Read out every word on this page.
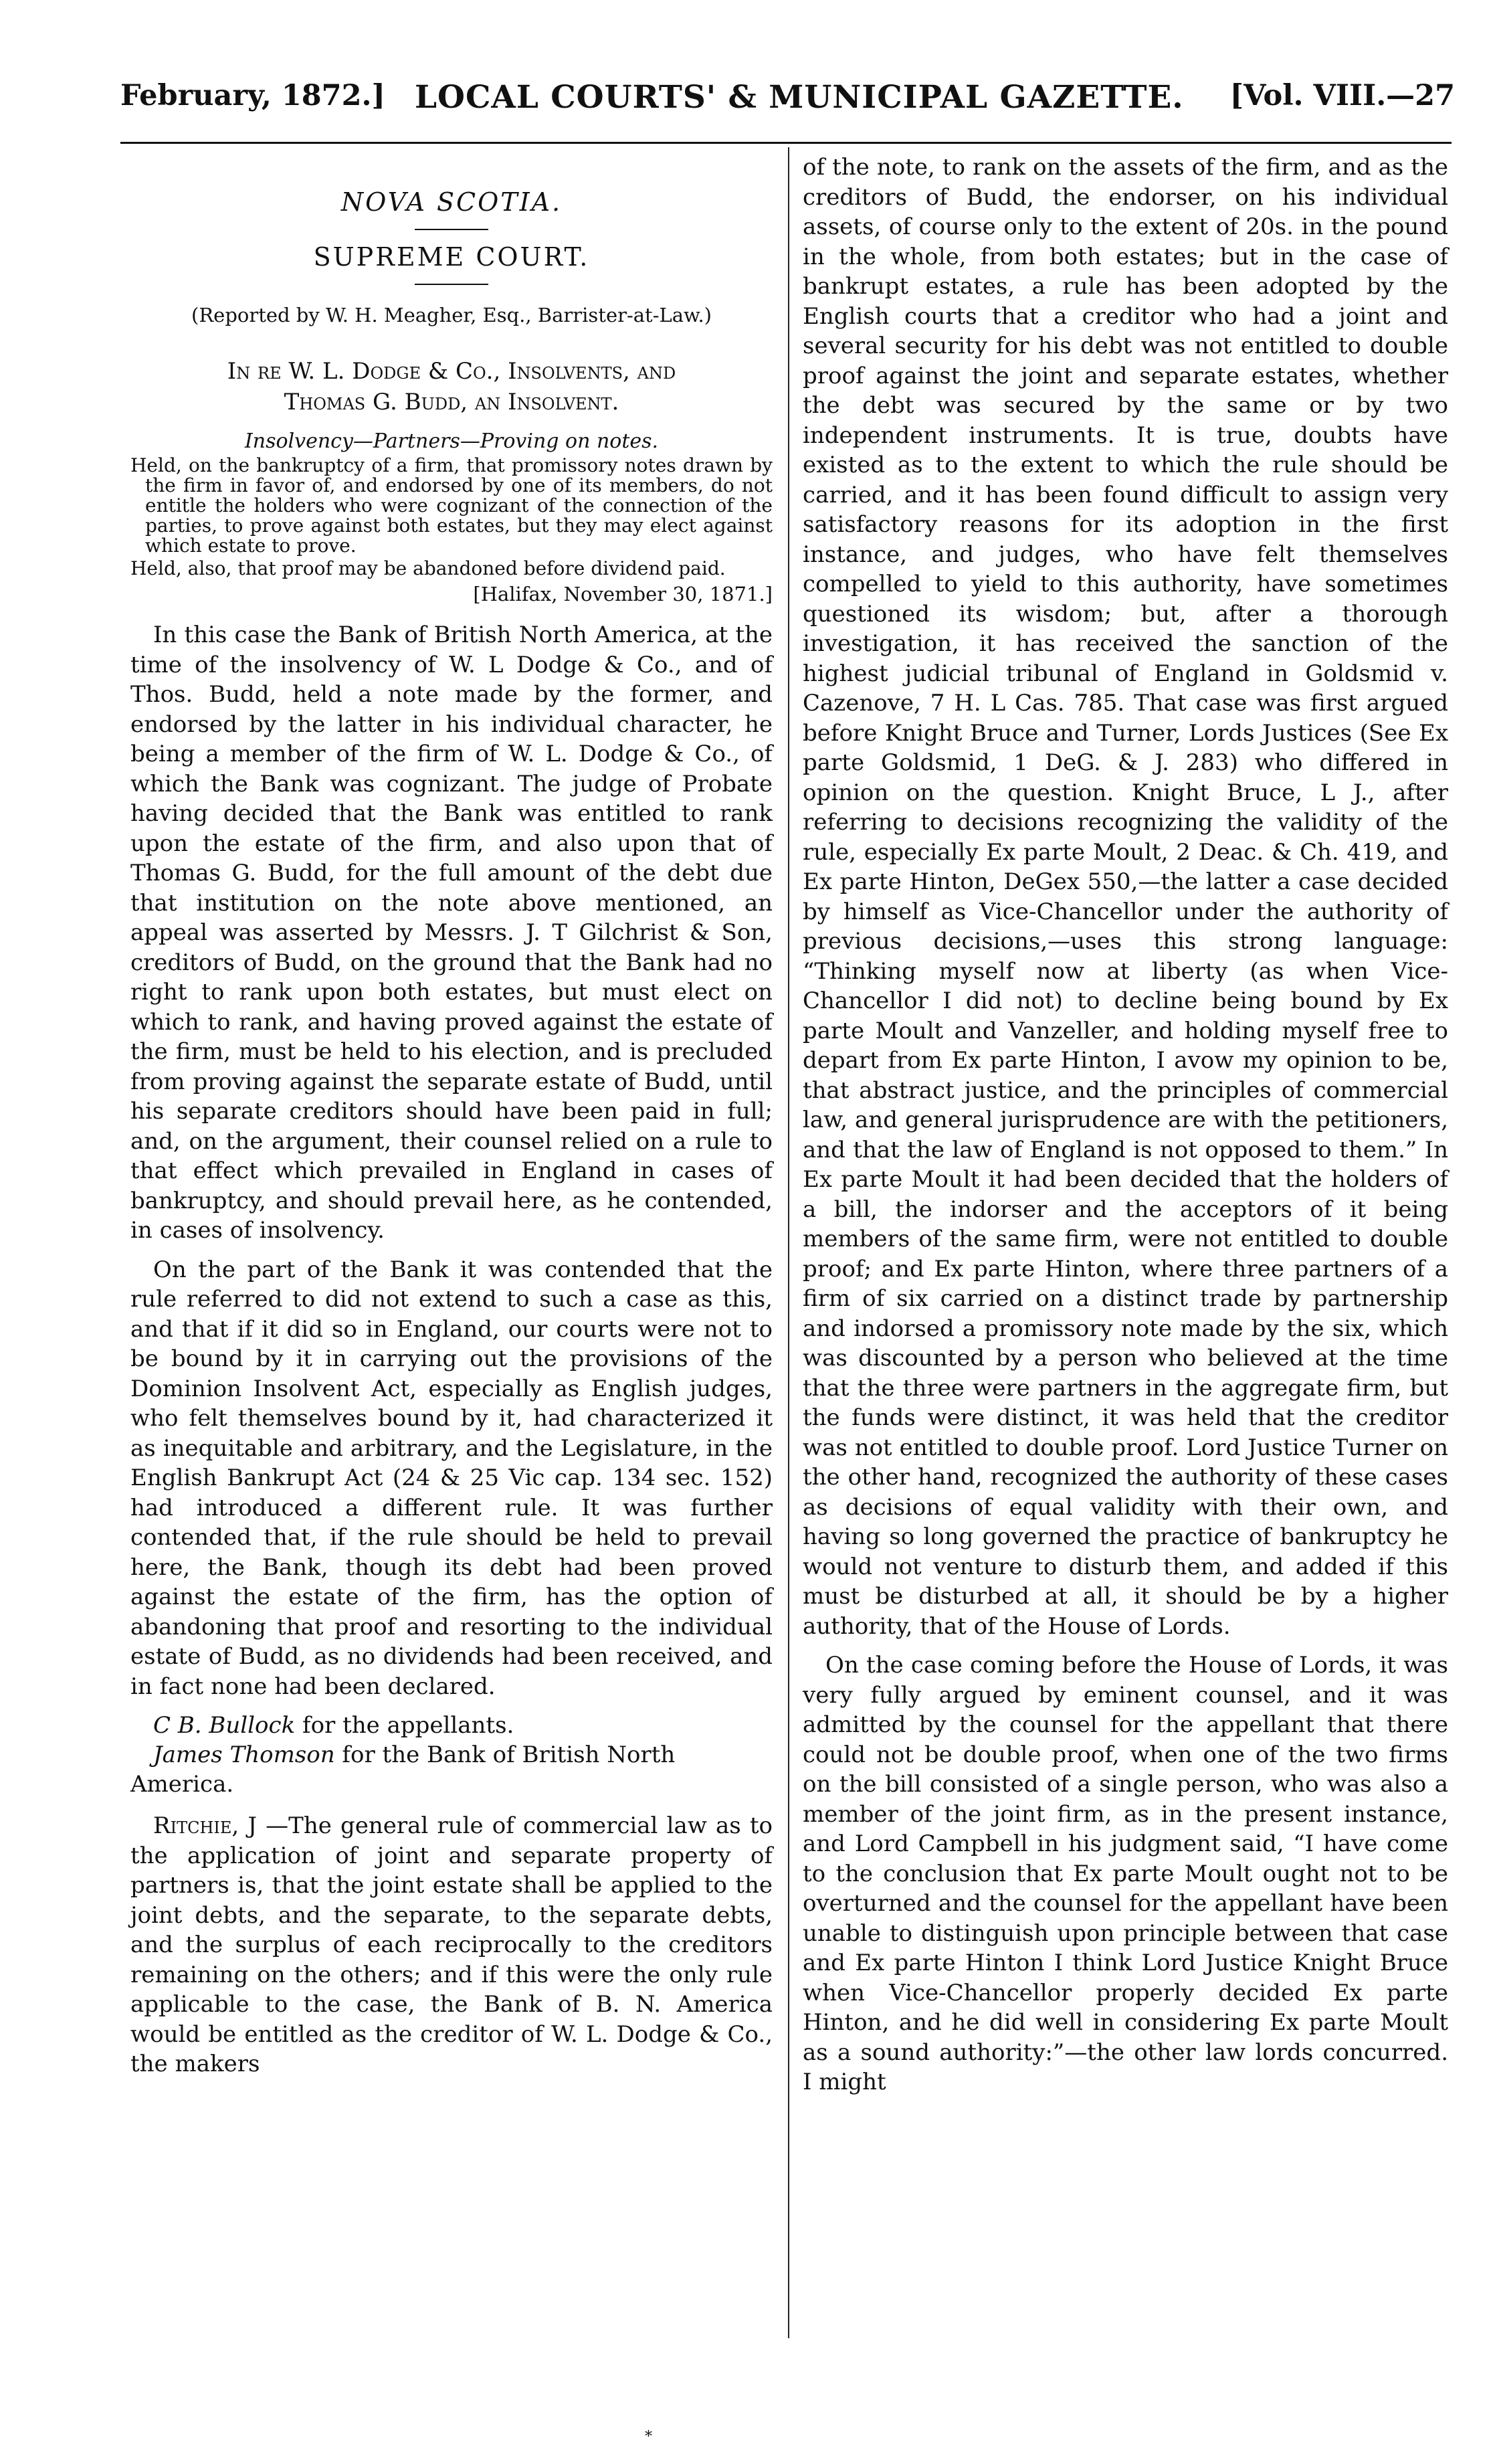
February, 1872.] LOCAL COURTS' & MUNICIPAL GAZETTE. [Vol. VIII.—27
NOVA SCOTIA.
SUPREME COURT.
(Reported by W. H. Meagher, Esq., Barrister-at-Law.)
In re W. L. Dodge & Co., Insolvents, and
Thomas G. Budd, an Insolvent.
Insolvency—Partners—Proving on notes.

Held, on the bankruptcy of a firm, that promissory notes drawn by the firm in favor of, and endorsed by one of its members, do not entitle the holders who were cognizant of the connection of the parties, to prove against both estates, but they may elect against which estate to prove.

Held, also, that proof may be abandoned before dividend paid.

[Halifax, November 30, 1871.]

In this case the Bank of British North America, at the time of the insolvency of W. L Dodge & Co., and of Thos. Budd, held a note made by the former, and endorsed by the latter in his individual character, he being a member of the firm of W. L. Dodge & Co., of which the Bank was cognizant. The judge of Probate having decided that the Bank was entitled to rank upon the estate of the firm, and also upon that of Thomas G. Budd, for the full amount of the debt due that institution on the note above mentioned, an appeal was asserted by Messrs. J. T Gilchrist & Son, creditors of Budd, on the ground that the Bank had no right to rank upon both estates, but must elect on which to rank, and having proved against the estate of the firm, must be held to his election, and is precluded from proving against the separate estate of Budd, until his separate creditors should have been paid in full; and, on the argument, their counsel relied on a rule to that effect which prevailed in England in cases of bankruptcy, and should prevail here, as he contended, in cases of insolvency.

On the part of the Bank it was contended that the rule referred to did not extend to such a case as this, and that if it did so in England, our courts were not to be bound by it in carrying out the provisions of the Dominion Insolvent Act, especially as English judges, who felt themselves bound by it, had characterized it as inequitable and arbitrary, and the Legislature, in the English Bankrupt Act (24 & 25 Vic cap. 134 sec. 152) had introduced a different rule. It was further contended that, if the rule should be held to prevail here, the Bank, though its debt had been proved against the estate of the firm, has the option of abandoning that proof and resorting to the individual estate of Budd, as no dividends had been received, and in fact none had been declared.

C B. Bullock for the appellants.

James Thomson for the Bank of British North America.

Ritchie, J —The general rule of commercial law as to the application of joint and separate property of partners is, that the joint estate shall be applied to the joint debts, and the separate, to the separate debts, and the surplus of each reciprocally to the creditors remaining on the others; and if this were the only rule applicable to the case, the Bank of B. N. America would be entitled as the creditor of W. L. Dodge & Co., the makers

of the note, to rank on the assets of the firm, and as the creditors of Budd, the endorser, on his individual assets, of course only to the extent of 20s. in the pound in the whole, from both estates; but in the case of bankrupt estates, a rule has been adopted by the English courts that a creditor who had a joint and several security for his debt was not entitled to double proof against the joint and separate estates, whether the debt was secured by the same or by two independent instruments. It is true, doubts have existed as to the extent to which the rule should be carried, and it has been found difficult to assign very satisfactory reasons for its adoption in the first instance, and judges, who have felt themselves compelled to yield to this authority, have sometimes questioned its wisdom; but, after a thorough investigation, it has received the sanction of the highest judicial tribunal of England in Goldsmid v. Cazenove, 7 H. L Cas. 785. That case was first argued before Knight Bruce and Turner, Lords Justices (See Ex parte Goldsmid, 1 DeG. & J. 283) who differed in opinion on the question. Knight Bruce, L J., after referring to decisions recognizing the validity of the rule, especially Ex parte Moult, 2 Deac. & Ch. 419, and Ex parte Hinton, DeGex 550,—the latter a case decided by himself as Vice-Chancellor under the authority of previous decisions,—uses this strong language: “Thinking myself now at liberty (as when Vice-Chancellor I did not) to decline being bound by Ex parte Moult and Vanzeller, and holding myself free to depart from Ex parte Hinton, I avow my opinion to be, that abstract justice, and the principles of commercial law, and general jurisprudence are with the petitioners, and that the law of England is not opposed to them.” In Ex parte Moult it had been decided that the holders of a bill, the indorser and the acceptors of it being members of the same firm, were not entitled to double proof; and Ex parte Hinton, where three partners of a firm of six carried on a distinct trade by partnership and indorsed a promissory note made by the six, which was discounted by a person who believed at the time that the three were partners in the aggregate firm, but the funds were distinct, it was held that the creditor was not entitled to double proof. Lord Justice Turner on the other hand, recognized the authority of these cases as decisions of equal validity with their own, and having so long governed the practice of bankruptcy he would not venture to disturb them, and added if this must be disturbed at all, it should be by a higher authority, that of the House of Lords.

On the case coming before the House of Lords, it was very fully argued by eminent counsel, and it was admitted by the counsel for the appellant that there could not be double proof, when one of the two firms on the bill consisted of a single person, who was also a member of the joint firm, as in the present instance, and Lord Campbell in his judgment said, “I have come to the conclusion that Ex parte Moult ought not to be overturned and the counsel for the appellant have been unable to distinguish upon principle between that case and Ex parte Hinton I think Lord Justice Knight Bruce when Vice-Chancellor properly decided Ex parte Hinton, and he did well in considering Ex parte Moult as a sound authority:”—the other law lords concurred. I might

*
